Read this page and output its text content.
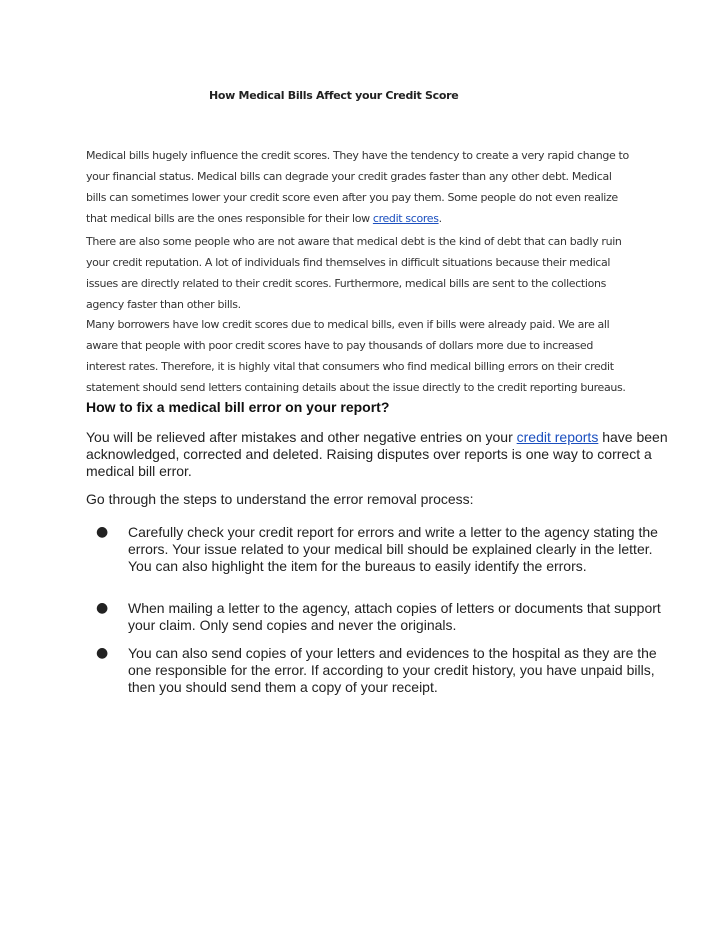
How Medical Bills Affect your Credit Score

Medical bills hugely influence the credit scores. They have the tendency to create a very rapid change to
your financial status. Medical bills can degrade your credit grades faster than any other debt. Medical
bills can sometimes lower your credit score even after you pay them. Some people do not even realize
that medical bills are the ones responsible for their low credit scores.

There are also some people who are not aware that medical debt is the kind of debt that can badly ruin
your credit reputation. A lot of individuals find themselves in difficult situations because their medical
issues are directly related to their credit scores. Furthermore, medical bills are sent to the collections
agency faster than other bills.

Many borrowers have low credit scores due to medical bills, even if bills were already paid. We are all
aware that people with poor credit scores have to pay thousands of dollars more due to increased
interest rates. Therefore, it is highly vital that consumers who find medical billing errors on their credit
statement should send letters containing details about the issue directly to the credit reporting bureaus.

How to fix a medical bill error on your report?

You will be relieved after mistakes and other negative entries on your credit reports have been
acknowledged, corrected and deleted. Raising disputes over reports is one way to correct a
medical bill error.

Go through the steps to understand the error removal process:

● Carefully check your credit report for errors and write a letter to the agency stating the
errors. Your issue related to your medical bill should be explained clearly in the letter.
You can also highlight the item for the bureaus to easily identify the errors.
● When mailing a letter to the agency, attach copies of letters or documents that support
your claim. Only send copies and never the originals.
● You can also send copies of your letters and evidences to the hospital as they are the
one responsible for the error. If according to your credit history, you have unpaid bills,
then you should send them a copy of your receipt.
